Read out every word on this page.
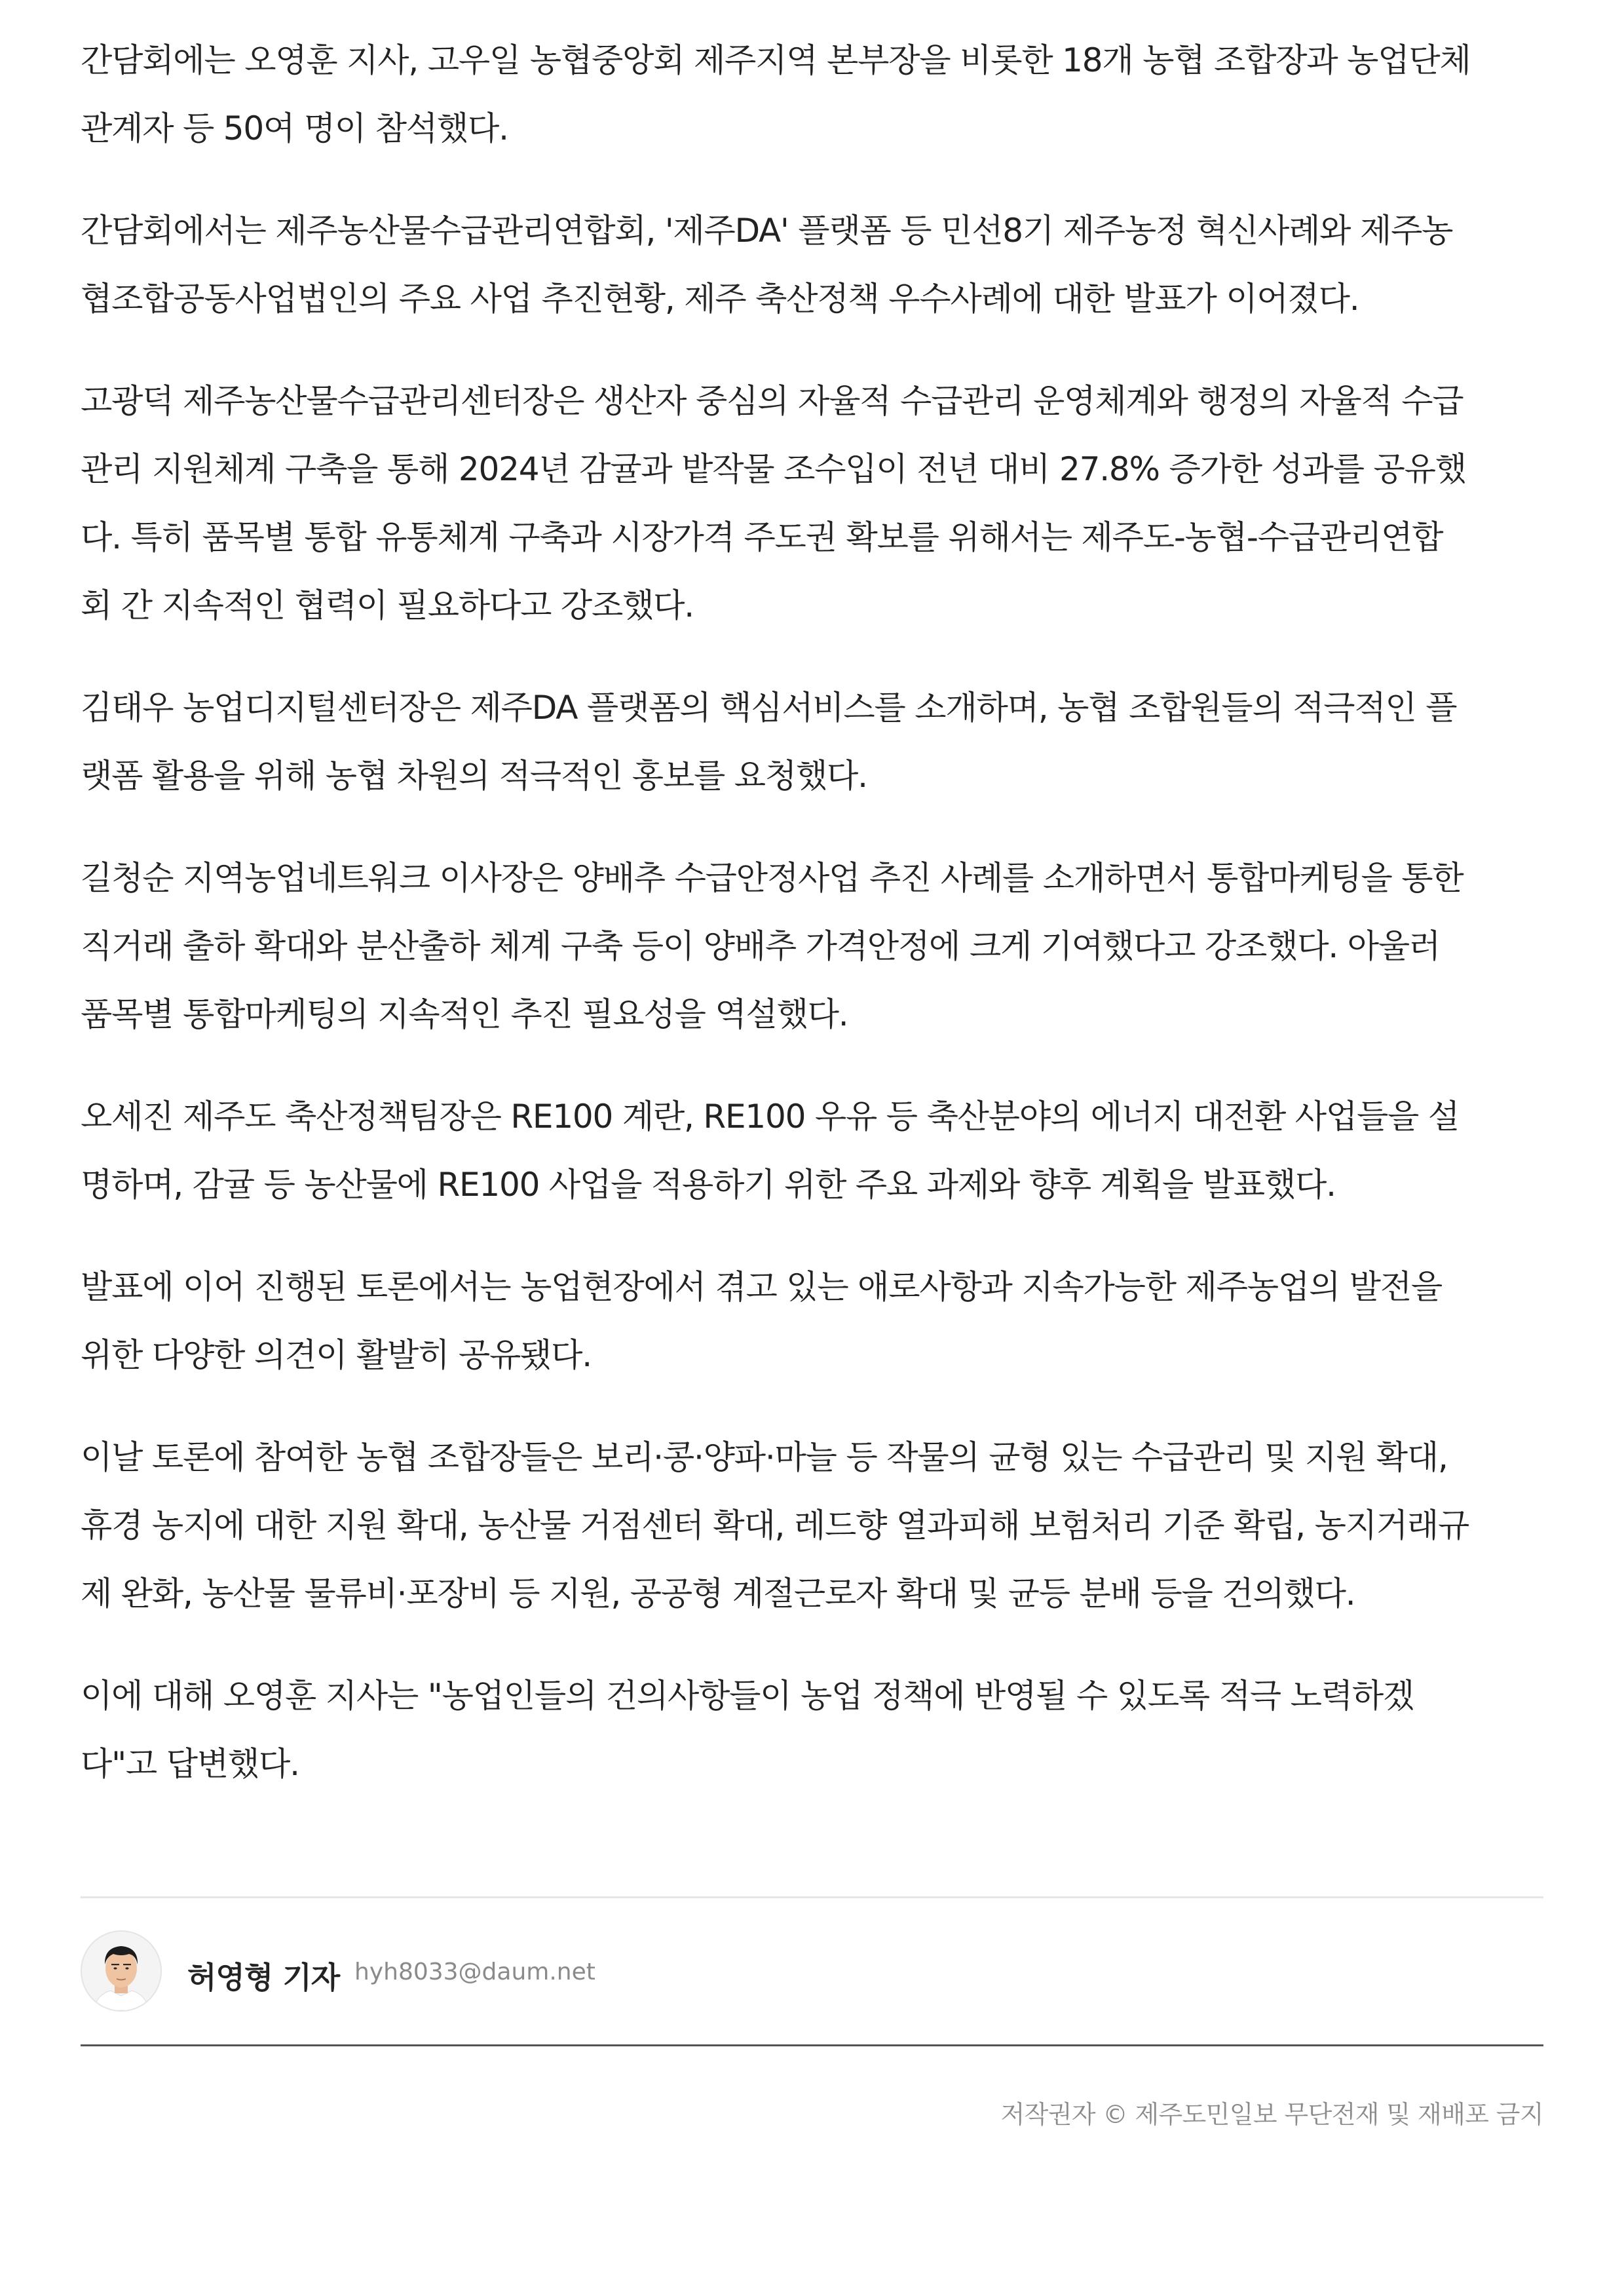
간담회에는 오영훈 지사, 고우일 농협중앙회 제주지역 본부장을 비롯한 18개 농협 조합장과 농업단체
관계자 등 50여 명이 참석했다.

간담회에서는 제주농산물수급관리연합회, '제주DA' 플랫폼 등 민선8기 제주농정 혁신사례와 제주농
협조합공동사업법인의 주요 사업 추진현황, 제주 축산정책 우수사례에 대한 발표가 이어졌다.

고광덕 제주농산물수급관리센터장은 생산자 중심의 자율적 수급관리 운영체계와 행정의 자율적 수급
관리 지원체계 구축을 통해 2024년 감귤과 밭작물 조수입이 전년 대비 27.8% 증가한 성과를 공유했
다. 특히 품목별 통합 유통체계 구축과 시장가격 주도권 확보를 위해서는 제주도-농협-수급관리연합
회 간 지속적인 협력이 필요하다고 강조했다.

김태우 농업디지털센터장은 제주DA 플랫폼의 핵심서비스를 소개하며, 농협 조합원들의 적극적인 플
랫폼 활용을 위해 농협 차원의 적극적인 홍보를 요청했다.

길청순 지역농업네트워크 이사장은 양배추 수급안정사업 추진 사례를 소개하면서 통합마케팅을 통한
직거래 출하 확대와 분산출하 체계 구축 등이 양배추 가격안정에 크게 기여했다고 강조했다. 아울러
품목별 통합마케팅의 지속적인 추진 필요성을 역설했다.

오세진 제주도 축산정책팀장은 RE100 계란, RE100 우유 등 축산분야의 에너지 대전환 사업들을 설
명하며, 감귤 등 농산물에 RE100 사업을 적용하기 위한 주요 과제와 향후 계획을 발표했다.

발표에 이어 진행된 토론에서는 농업현장에서 겪고 있는 애로사항과 지속가능한 제주농업의 발전을
위한 다양한 의견이 활발히 공유됐다.

이날 토론에 참여한 농협 조합장들은 보리·콩·양파·마늘 등 작물의 균형 있는 수급관리 및 지원 확대,
휴경 농지에 대한 지원 확대, 농산물 거점센터 확대, 레드향 열과피해 보험처리 기준 확립, 농지거래규
제 완화, 농산물 물류비·포장비 등 지원, 공공형 계절근로자 확대 및 균등 분배 등을 건의했다.

이에 대해 오영훈 지사는 "농업인들의 건의사항들이 농업 정책에 반영될 수 있도록 적극 노력하겠
다"고 답변했다.

허영형 기자 hyh8033@daum.net
저작권자 © 제주도민일보 무단전재 및 재배포 금지
